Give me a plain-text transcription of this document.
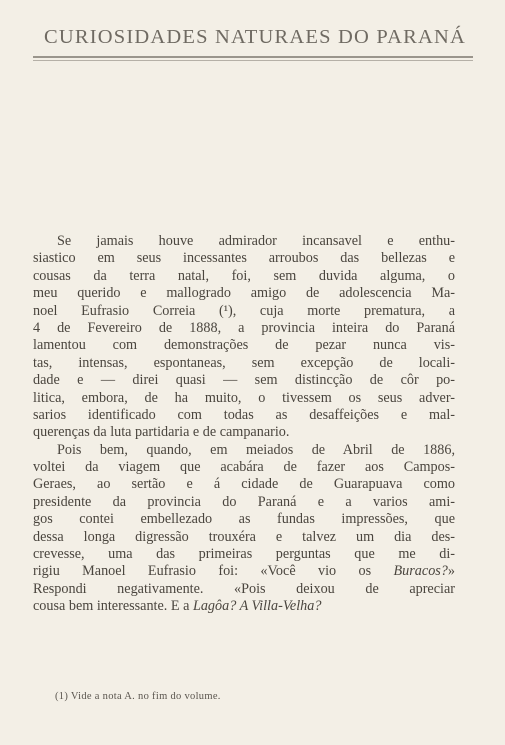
CURIOSIDADES NATURAES DO PARANÁ
Se jamais houve admirador incansavel e enthu-
siastico em seus incessantes arroubos das bellezas e
cousas da terra natal, foi, sem duvida alguma, o
meu querido e mallogrado amigo de adolescencia Ma-
noel Eufrasio Correia (¹), cuja morte prematura, a
4 de Fevereiro de 1888, a provincia inteira do Paraná
lamentou com demonstrações de pezar nunca vis-
tas, intensas, espontaneas, sem excepção de locali-
dade e — direi quasi — sem distincção de côr po-
litica, embora, de ha muito, o tivessem os seus adver-
sarios identificado com todas as desaffeições e mal-
querenças da luta partidaria e de campanario.
Pois bem, quando, em meiados de Abril de 1886,
voltei da viagem que acabára de fazer aos Campos-
Geraes, ao sertão e á cidade de Guarapuava como
presidente da provincia do Paraná e a varios ami-
gos contei embellezado as fundas impressões, que
dessa longa digressão trouxéra e talvez um dia des-
crevesse, uma das primeiras perguntas que me di-
rigiu Manoel Eufrasio foi: «Você vio os Buracos?»
Respondi negativamente. «Pois deixou de apreciar
cousa bem interessante. E a Lagôa? A Villa-Velha?
(1) Vide a nota A. no fim do volume.
